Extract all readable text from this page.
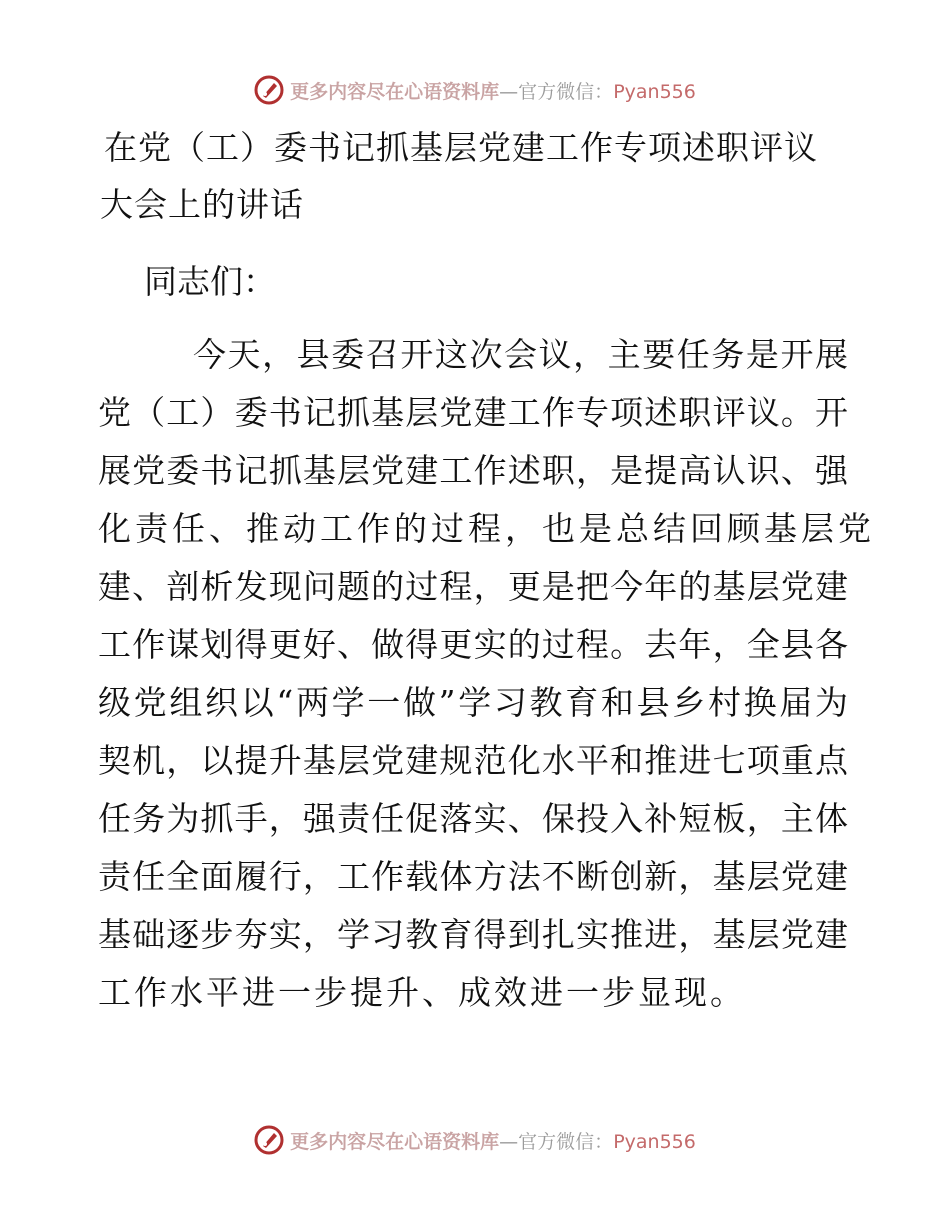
更多内容尽在心语资料库—官方微信：Pyan556
在党（工）委书记抓基层党建工作专项述职评议
大会上的讲话
同志们：
今天，县委召开这次会议，主要任务是开展
党（工）委书记抓基层党建工作专项述职评议。开
展党委书记抓基层党建工作述职，是提高认识、强
化责任、推动工作的过程，也是总结回顾基层党
建、剖析发现问题的过程，更是把今年的基层党建
工作谋划得更好、做得更实的过程。去年，全县各
级党组织以“两学一做”学习教育和县乡村换届为
契机，以提升基层党建规范化水平和推进七项重点
任务为抓手，强责任促落实、保投入补短板，主体
责任全面履行，工作载体方法不断创新，基层党建
基础逐步夯实，学习教育得到扎实推进，基层党建
工作水平进一步提升、成效进一步显现。
更多内容尽在心语资料库—官方微信：Pyan556
